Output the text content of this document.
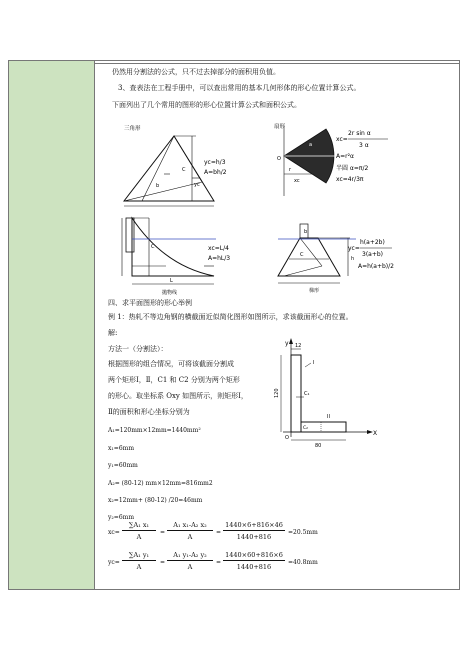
仍然用分割法的公式，只不过去掉部分的面积用负值。
3、查表法在工程手册中，可以查出常用的基本几何形体的形心位置计算公式。
下面列出了几个常用的图形的形心位置计算公式和面积公式。
三角形
b
C
yc
yc=h/3
A=bh/2
扇形
O
r
a
xc
xc=
2r sin α
3 α
A=r²α
半圆 α=π/2
xc=4r/3π
C
L
xc=L/4
A=hL/3
抛物线
b
C
h
梯形
yc=
h(a+2b)
3(a+b)
A=h(a+b)/2
四、求平面图形的形心举例
例 1：热轧不等边角钢的横截面近似简化图形如图所示，求该截面形心的位置。
解:
方法一（分割法）：
根据图形的组合情况，可将该截面分割成
两个矩形Ⅰ，Ⅱ，C1 和 C2 分别为两个矩形
的形心。取坐标系 Oxy 如图所示，则矩形Ⅰ，
Ⅱ的面积和形心坐标分别为
A₁=120mm×12mm=1440mm²
x₁=6mm
y₁=60mm
A₂= (80-12) mm×12mm=816mm2
x₂=12mm+ (80-12) /20=46mm
y₂=6mm
xc=
∑A₁ x₁
A
=
A₁ x₁-A₂ x₂
A
=
1440×6+816×46
1440+816
=20.5mm
yc=
∑A₁ y₁
A
=
A₁ y₁-A₂ y₂
A
=
1440×60+816×6
1440+816
=40.8mm
y 12
I
C₁
II
C₂
120
O
X
80
